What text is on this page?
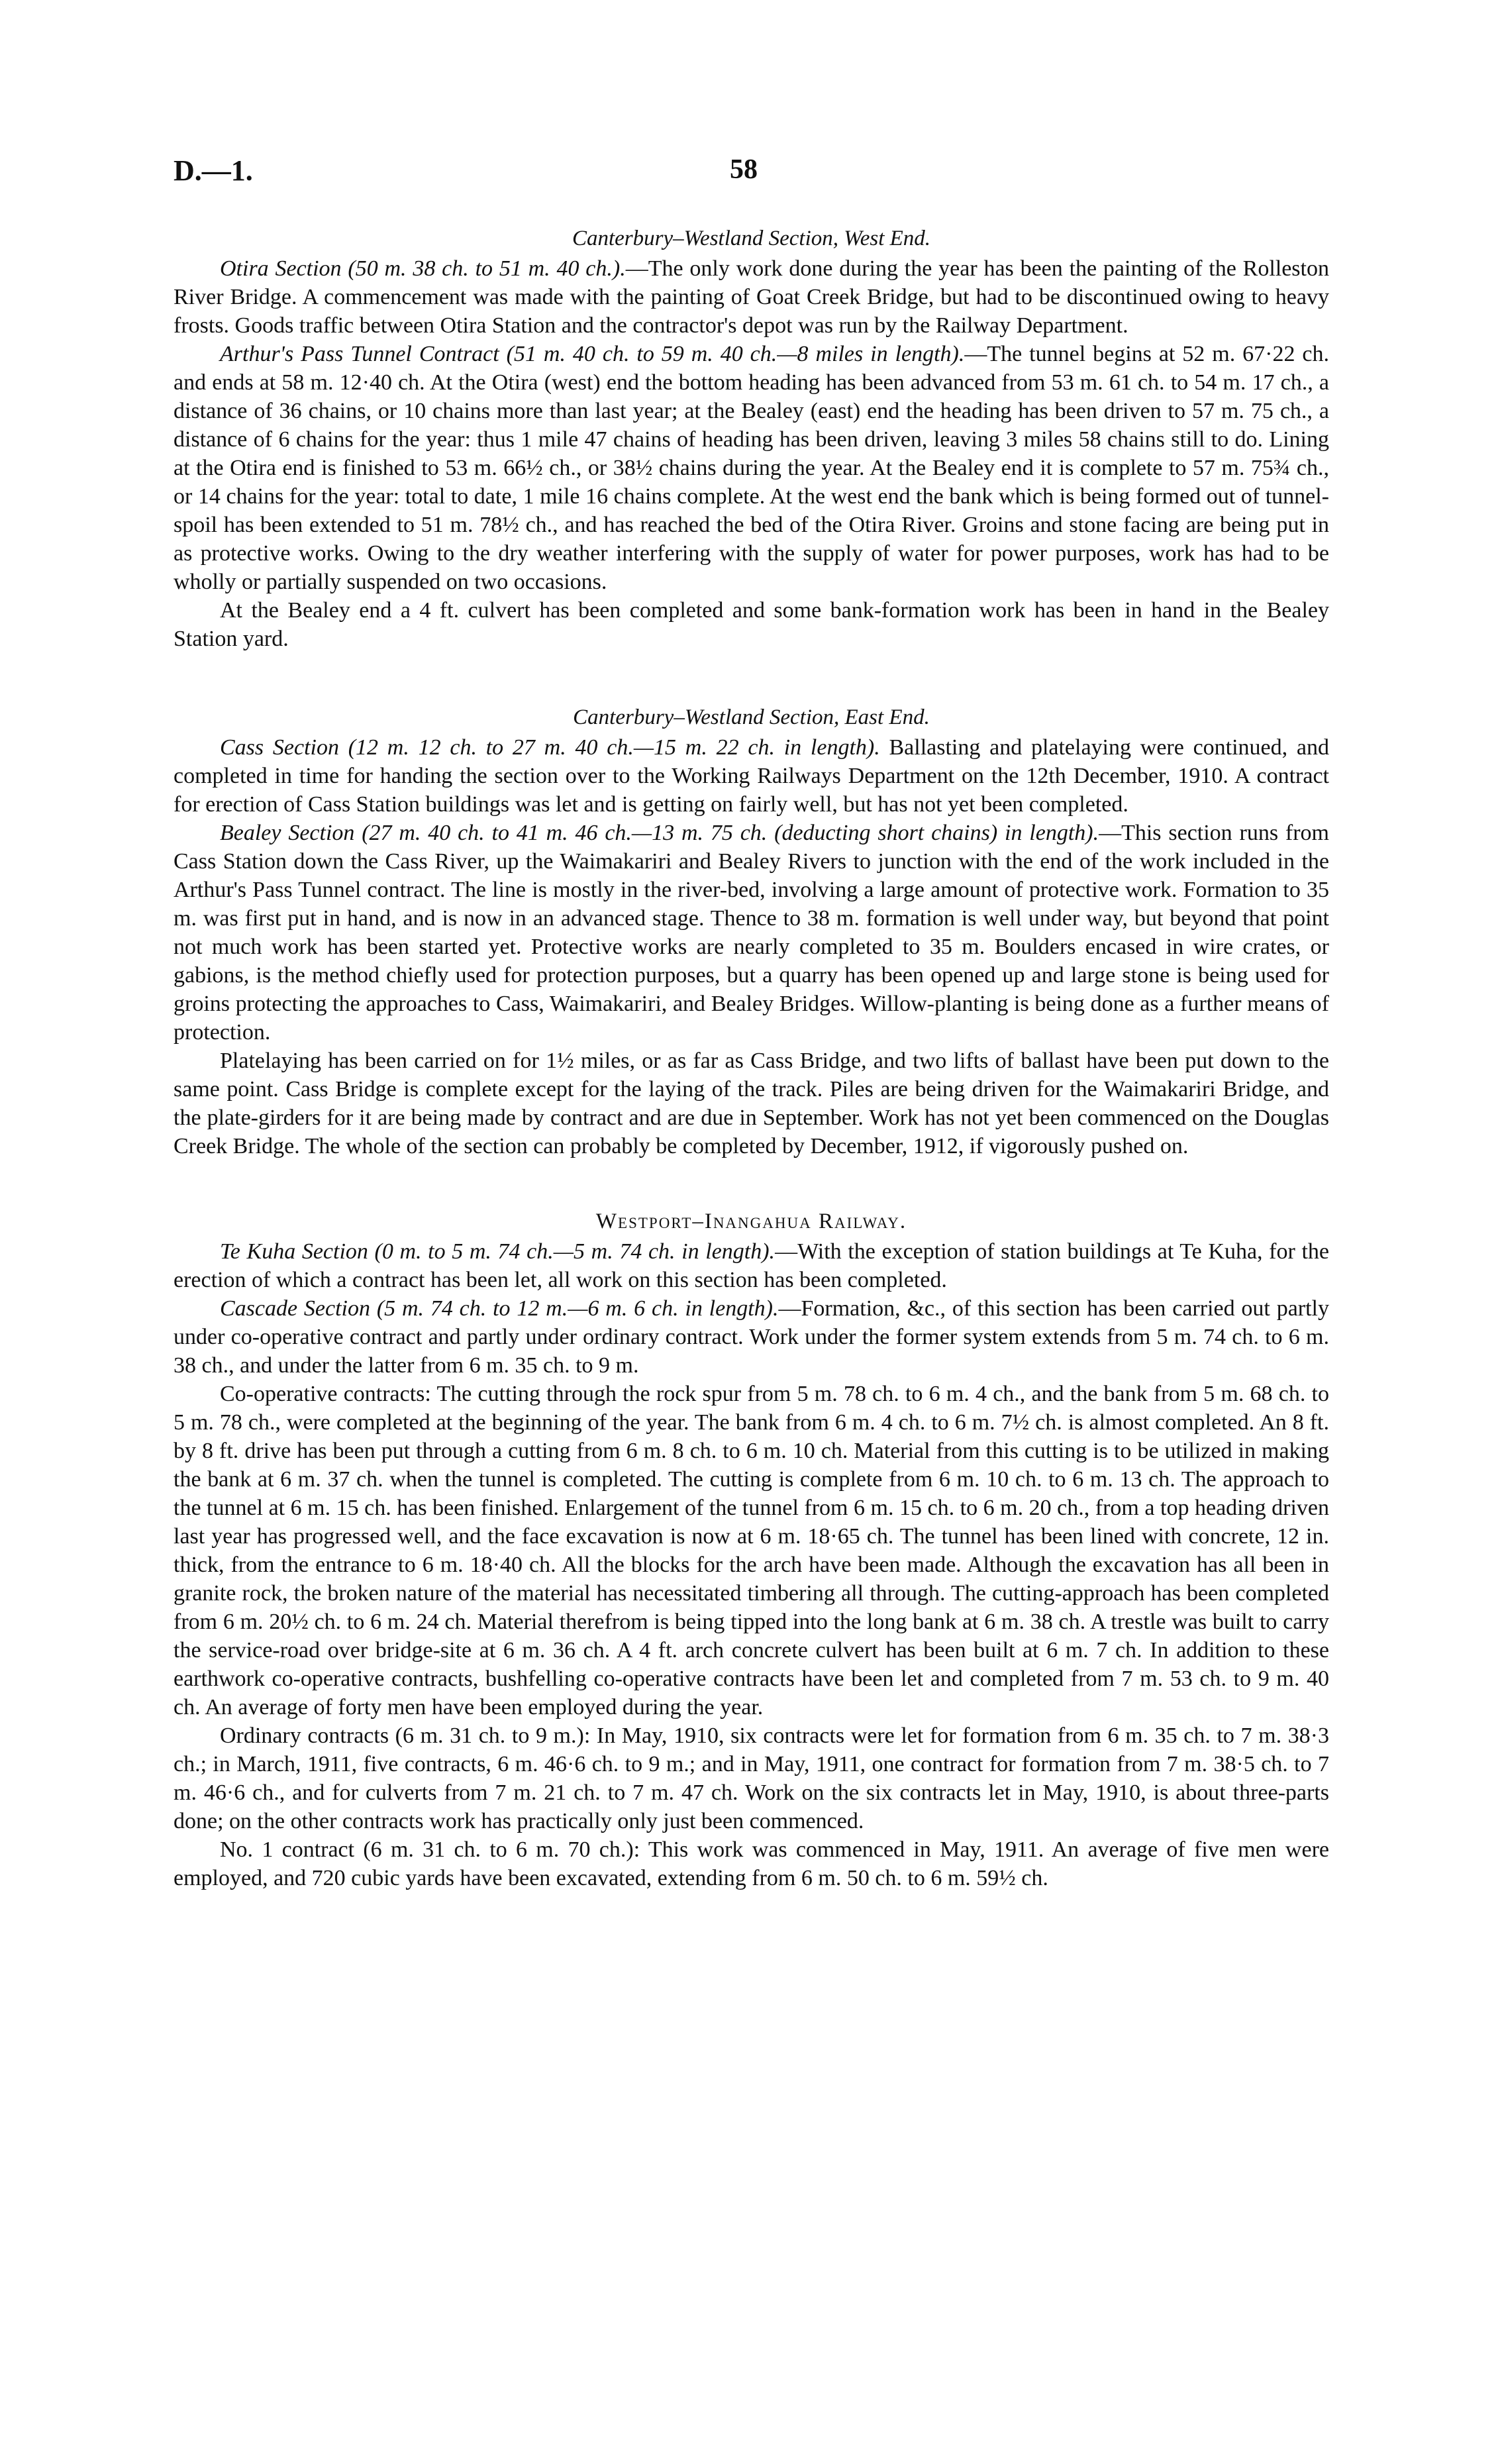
D.—1.	58
Canterbury–Westland Section, West End.

Otira Section (50 m. 38 ch. to 51 m. 40 ch.).—The only work done during the year has been the painting of the Rolleston River Bridge. A commencement was made with the painting of Goat Creek Bridge, but had to be discontinued owing to heavy frosts. Goods traffic between Otira Station and the contractor's depot was run by the Railway Department.

Arthur's Pass Tunnel Contract (51 m. 40 ch. to 59 m. 40 ch.—8 miles in length).—The tunnel begins at 52 m. 67·22 ch. and ends at 58 m. 12·40 ch. At the Otira (west) end the bottom heading has been advanced from 53 m. 61 ch. to 54 m. 17 ch., a distance of 36 chains, or 10 chains more than last year; at the Bealey (east) end the heading has been driven to 57 m. 75 ch., a distance of 6 chains for the year: thus 1 mile 47 chains of heading has been driven, leaving 3 miles 58 chains still to do. Lining at the Otira end is finished to 53 m. 66½ ch., or 38½ chains during the year. At the Bealey end it is complete to 57 m. 75¾ ch., or 14 chains for the year: total to date, 1 mile 16 chains complete. At the west end the bank which is being formed out of tunnel-spoil has been extended to 51 m. 78½ ch., and has reached the bed of the Otira River. Groins and stone facing are being put in as protective works. Owing to the dry weather interfering with the supply of water for power purposes, work has had to be wholly or partially suspended on two occasions.

At the Bealey end a 4 ft. culvert has been completed and some bank-formation work has been in hand in the Bealey Station yard.

Canterbury–Westland Section, East End.

Cass Section (12 m. 12 ch. to 27 m. 40 ch.—15 m. 22 ch. in length). Ballasting and platelaying were continued, and completed in time for handing the section over to the Working Railways Department on the 12th December, 1910. A contract for erection of Cass Station buildings was let and is getting on fairly well, but has not yet been completed.

Bealey Section (27 m. 40 ch. to 41 m. 46 ch.—13 m. 75 ch. (deducting short chains) in length).—This section runs from Cass Station down the Cass River, up the Waimakariri and Bealey Rivers to junction with the end of the work included in the Arthur's Pass Tunnel contract. The line is mostly in the river-bed, involving a large amount of protective work. Formation to 35 m. was first put in hand, and is now in an advanced stage. Thence to 38 m. formation is well under way, but beyond that point not much work has been started yet. Protective works are nearly completed to 35 m. Boulders encased in wire crates, or gabions, is the method chiefly used for protection purposes, but a quarry has been opened up and large stone is being used for groins protecting the approaches to Cass, Waimakariri, and Bealey Bridges. Willow-planting is being done as a further means of protection.

Platelaying has been carried on for 1½ miles, or as far as Cass Bridge, and two lifts of ballast have been put down to the same point. Cass Bridge is complete except for the laying of the track. Piles are being driven for the Waimakariri Bridge, and the plate-girders for it are being made by contract and are due in September. Work has not yet been commenced on the Douglas Creek Bridge. The whole of the section can probably be completed by December, 1912, if vigorously pushed on.

Westport–Inangahua Railway.

Te Kuha Section (0 m. to 5 m. 74 ch.—5 m. 74 ch. in length).—With the exception of station buildings at Te Kuha, for the erection of which a contract has been let, all work on this section has been completed.

Cascade Section (5 m. 74 ch. to 12 m.—6 m. 6 ch. in length).—Formation, &c., of this section has been carried out partly under co-operative contract and partly under ordinary contract. Work under the former system extends from 5 m. 74 ch. to 6 m. 38 ch., and under the latter from 6 m. 35 ch. to 9 m.

Co-operative contracts: The cutting through the rock spur from 5 m. 78 ch. to 6 m. 4 ch., and the bank from 5 m. 68 ch. to 5 m. 78 ch., were completed at the beginning of the year. The bank from 6 m. 4 ch. to 6 m. 7½ ch. is almost completed. An 8 ft. by 8 ft. drive has been put through a cutting from 6 m. 8 ch. to 6 m. 10 ch. Material from this cutting is to be utilized in making the bank at 6 m. 37 ch. when the tunnel is completed. The cutting is complete from 6 m. 10 ch. to 6 m. 13 ch. The approach to the tunnel at 6 m. 15 ch. has been finished. Enlargement of the tunnel from 6 m. 15 ch. to 6 m. 20 ch., from a top heading driven last year has progressed well, and the face excavation is now at 6 m. 18·65 ch. The tunnel has been lined with concrete, 12 in. thick, from the entrance to 6 m. 18·40 ch. All the blocks for the arch have been made. Although the excavation has all been in granite rock, the broken nature of the material has necessitated timbering all through. The cutting-approach has been completed from 6 m. 20½ ch. to 6 m. 24 ch. Material therefrom is being tipped into the long bank at 6 m. 38 ch. A trestle was built to carry the service-road over bridge-site at 6 m. 36 ch. A 4 ft. arch concrete culvert has been built at 6 m. 7 ch. In addition to these earthwork co-operative contracts, bushfelling co-operative contracts have been let and completed from 7 m. 53 ch. to 9 m. 40 ch. An average of forty men have been employed during the year.

Ordinary contracts (6 m. 31 ch. to 9 m.): In May, 1910, six contracts were let for formation from 6 m. 35 ch. to 7 m. 38·3 ch.; in March, 1911, five contracts, 6 m. 46·6 ch. to 9 m.; and in May, 1911, one contract for formation from 7 m. 38·5 ch. to 7 m. 46·6 ch., and for culverts from 7 m. 21 ch. to 7 m. 47 ch. Work on the six contracts let in May, 1910, is about three-parts done; on the other contracts work has practically only just been commenced.

No. 1 contract (6 m. 31 ch. to 6 m. 70 ch.): This work was commenced in May, 1911. An average of five men were employed, and 720 cubic yards have been excavated, extending from 6 m. 50 ch. to 6 m. 59½ ch.
